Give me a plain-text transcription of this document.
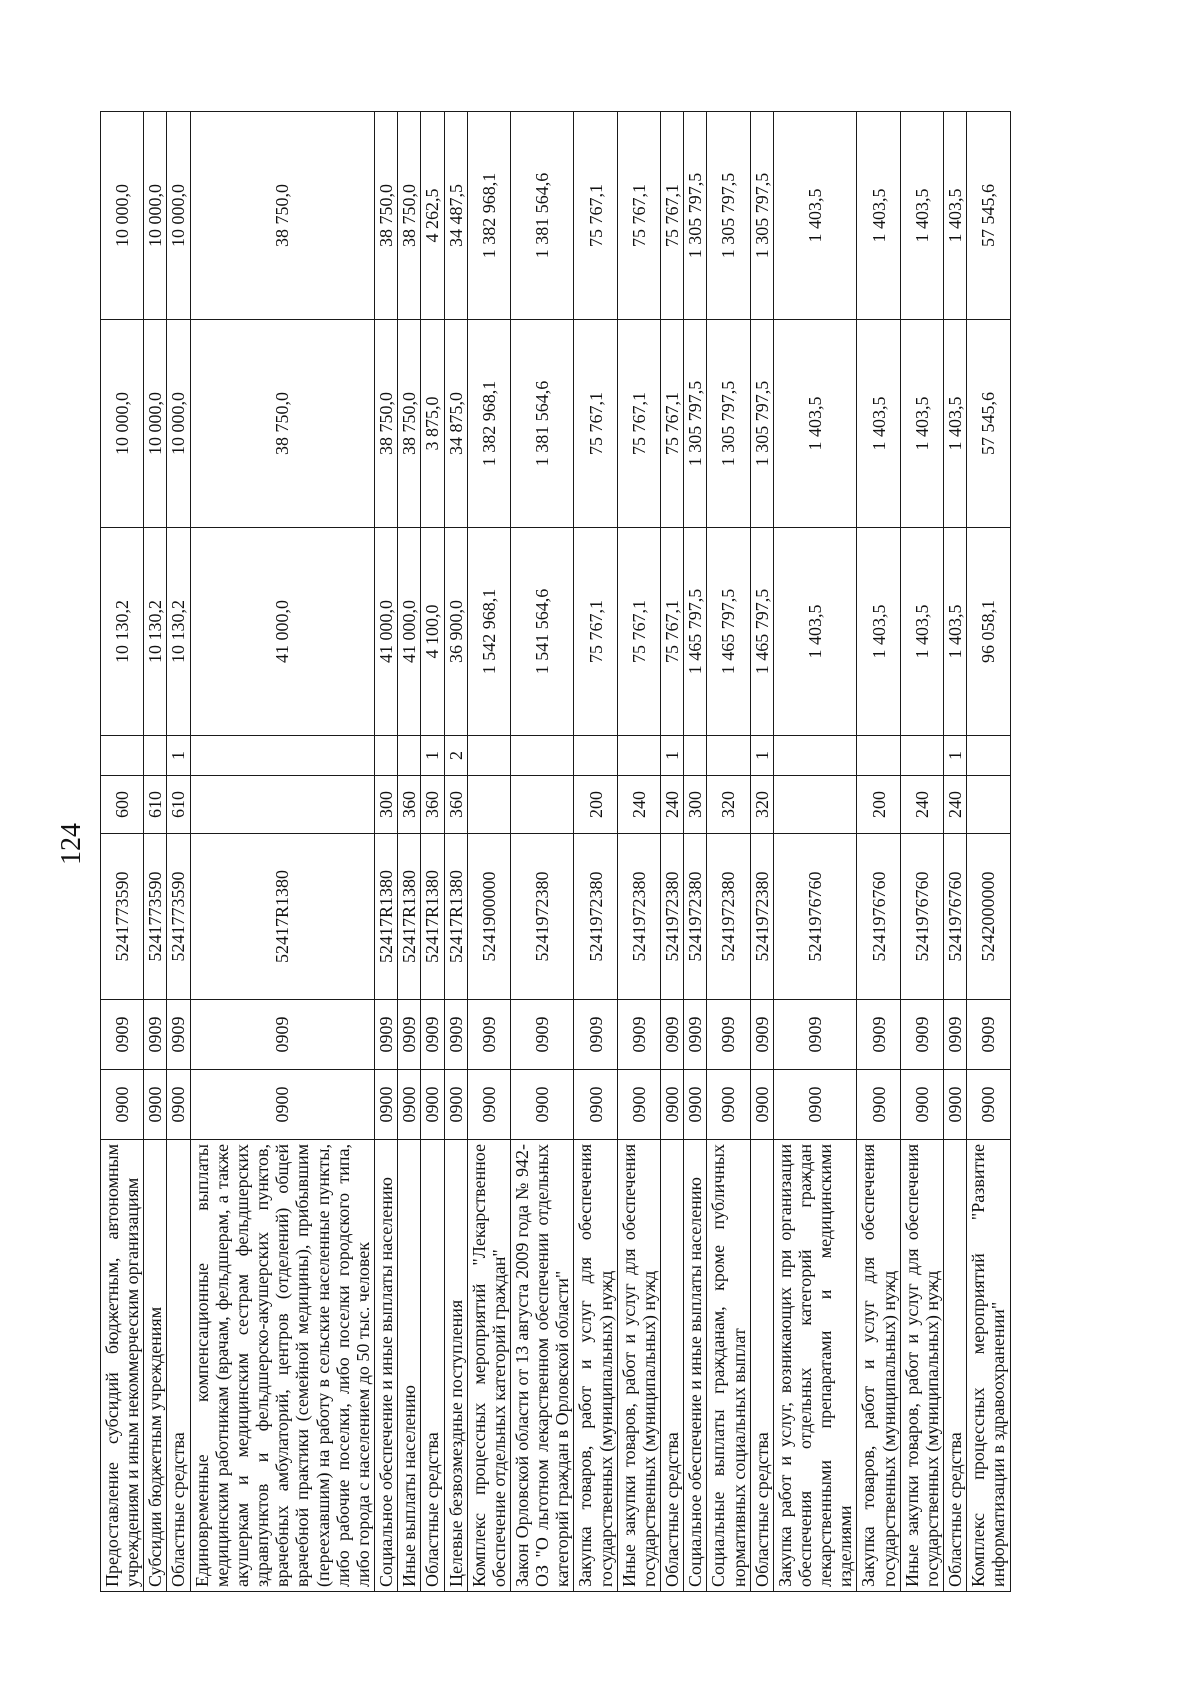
124
Предоставление субсидий бюджетным, автономным учреждениям и иным некоммерческим организациям	0900	0909	5241773590	600		10 130,2	10 000,0	10 000,0
Субсидии бюджетным учреждениям	0900	0909	5241773590	610		10 130,2	10 000,0	10 000,0
Областные средства	0900	0909	5241773590	610	1	10 130,2	10 000,0	10 000,0
Единовременные компенсационные выплаты медицинским работникам (врачам, фельдшерам, а также акушеркам и медицинским сестрам фельдшерских здравпунктов и фельдшерско-акушерских пунктов, врачебных амбулаторий, центров (отделений) общей врачебной практики (семейной медицины), прибывшим (переехавшим) на работу в сельские населенные пункты, либо рабочие поселки, либо поселки городского типа, либо города с населением до 50 тыс. человек	0900	0909	52417R1380			41 000,0	38 750,0	38 750,0
Социальное обеспечение и иные выплаты населению	0900	0909	52417R1380	300		41 000,0	38 750,0	38 750,0
Иные выплаты населению	0900	0909	52417R1380	360		41 000,0	38 750,0	38 750,0
Областные средства	0900	0909	52417R1380	360	1	4 100,0	3 875,0	4 262,5
Целевые безвозмездные поступления	0900	0909	52417R1380	360	2	36 900,0	34 875,0	34 487,5
Комплекс процессных мероприятий "Лекарственное обеспечение отдельных категорий граждан"	0900	0909	5241900000			1 542 968,1	1 382 968,1	1 382 968,1
Закон Орловской области от 13 августа 2009 года № 942-ОЗ "О льготном лекарственном обеспечении отдельных категорий граждан в Орловской области"	0900	0909	5241972380			1 541 564,6	1 381 564,6	1 381 564,6
Закупка товаров, работ и услуг для обеспечения государственных (муниципальных) нужд	0900	0909	5241972380	200		75 767,1	75 767,1	75 767,1
Иные закупки товаров, работ и услуг для обеспечения государственных (муниципальных) нужд	0900	0909	5241972380	240		75 767,1	75 767,1	75 767,1
Областные средства	0900	0909	5241972380	240	1	75 767,1	75 767,1	75 767,1
Социальное обеспечение и иные выплаты населению	0900	0909	5241972380	300		1 465 797,5	1 305 797,5	1 305 797,5
Социальные выплаты гражданам, кроме публичных нормативных социальных выплат	0900	0909	5241972380	320		1 465 797,5	1 305 797,5	1 305 797,5
Областные средства	0900	0909	5241972380	320	1	1 465 797,5	1 305 797,5	1 305 797,5
Закупка работ и услуг, возникающих при организации обеспечения отдельных категорий граждан лекарственными препаратами и медицинскими изделиями	0900	0909	5241976760			1 403,5	1 403,5	1 403,5
Закупка товаров, работ и услуг для обеспечения государственных (муниципальных) нужд	0900	0909	5241976760	200		1 403,5	1 403,5	1 403,5
Иные закупки товаров, работ и услуг для обеспечения государственных (муниципальных) нужд	0900	0909	5241976760	240		1 403,5	1 403,5	1 403,5
Областные средства	0900	0909	5241976760	240	1	1 403,5	1 403,5	1 403,5
Комплекс процессных мероприятий "Развитие информатизации в здравоохранении"	0900	0909	5242000000			96 058,1	57 545,6	57 545,6
